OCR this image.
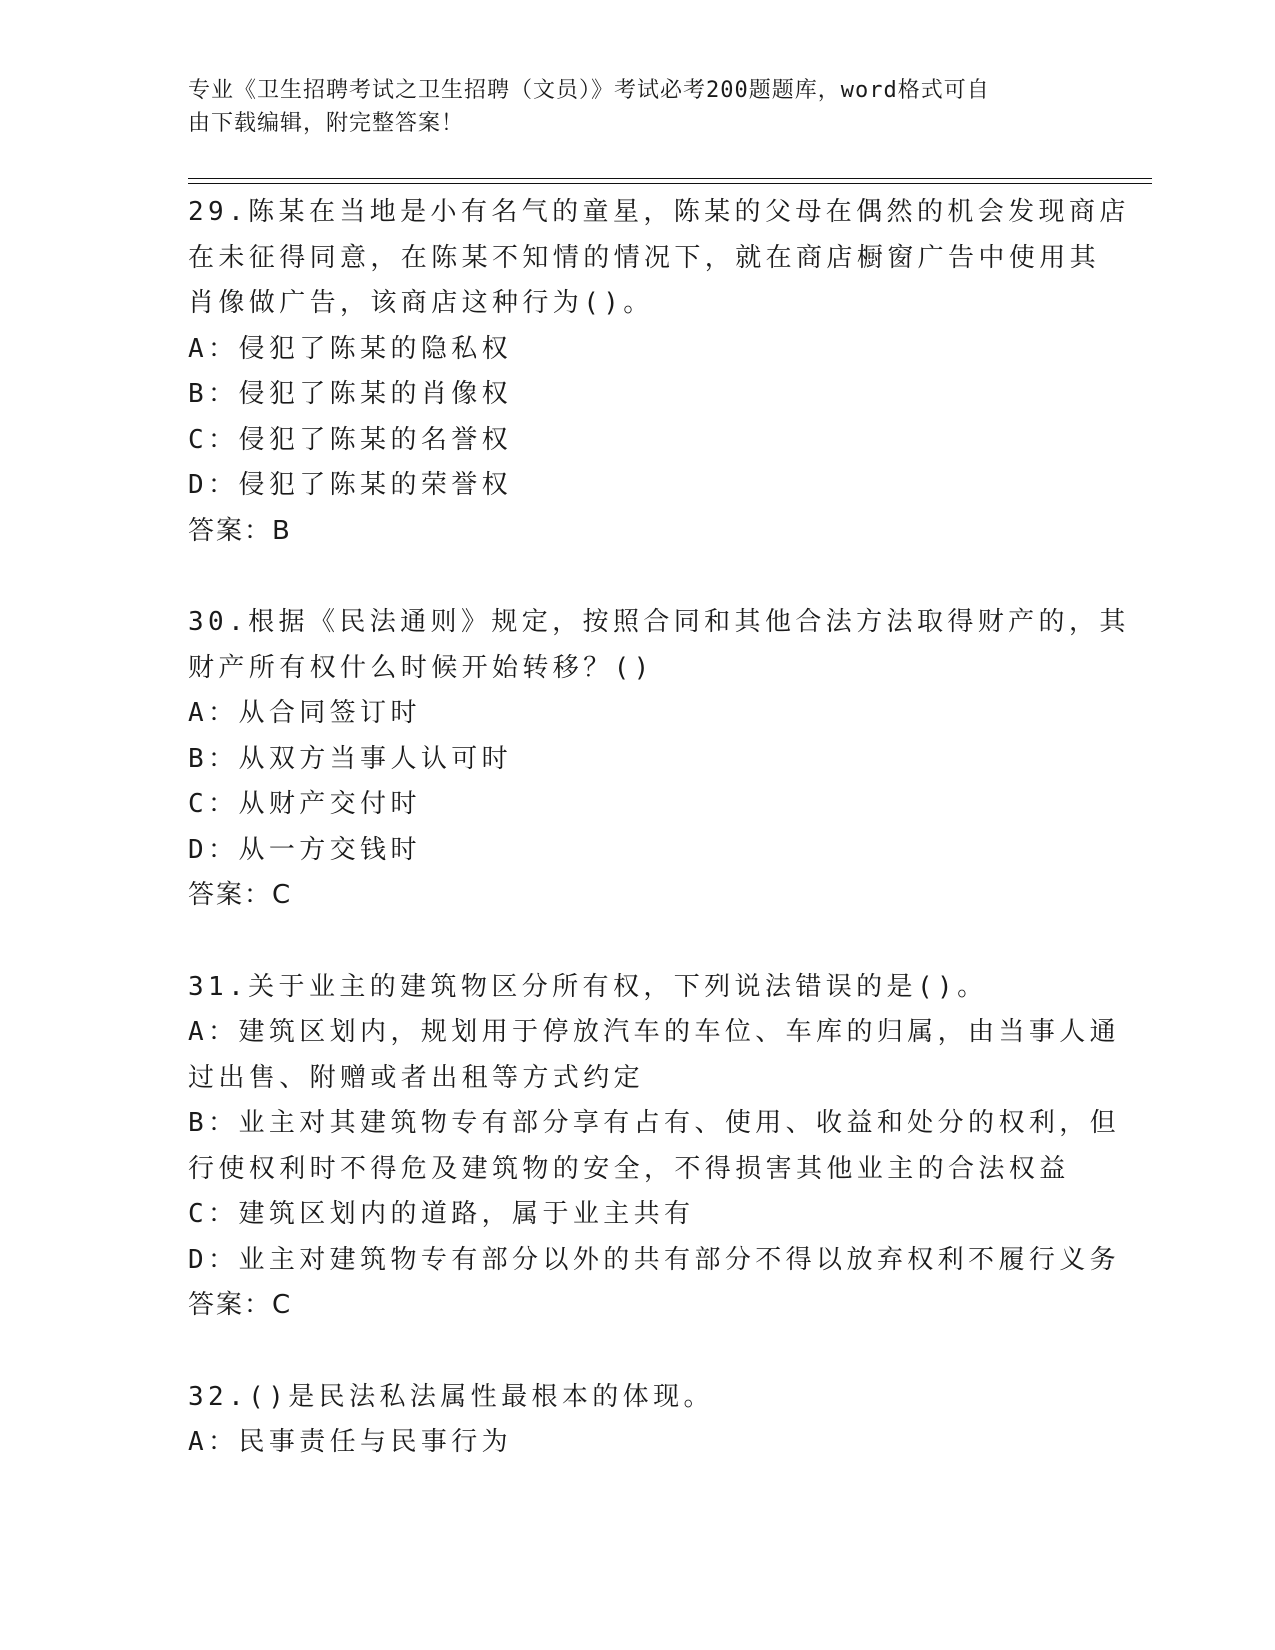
专业《卫生招聘考试之卫生招聘（文员）》考试必考200题题库，word格式可自
由下载编辑，附完整答案！
29.陈某在当地是小有名气的童星，陈某的父母在偶然的机会发现商店
在未征得同意，在陈某不知情的情况下，就在商店橱窗广告中使用其
肖像做广告，该商店这种行为()。
A：侵犯了陈某的隐私权
B：侵犯了陈某的肖像权
C：侵犯了陈某的名誉权
D：侵犯了陈某的荣誉权
答案：B
30.根据《民法通则》规定，按照合同和其他合法方法取得财产的，其
财产所有权什么时候开始转移？()
A：从合同签订时
B：从双方当事人认可时
C：从财产交付时
D：从一方交钱时
答案：C
31.关于业主的建筑物区分所有权，下列说法错误的是()。
A：建筑区划内，规划用于停放汽车的车位、车库的归属，由当事人通
过出售、附赠或者出租等方式约定
B：业主对其建筑物专有部分享有占有、使用、收益和处分的权利，但
行使权利时不得危及建筑物的安全，不得损害其他业主的合法权益
C：建筑区划内的道路，属于业主共有
D：业主对建筑物专有部分以外的共有部分不得以放弃权利不履行义务
答案：C
32.()是民法私法属性最根本的体现。
A：民事责任与民事行为
